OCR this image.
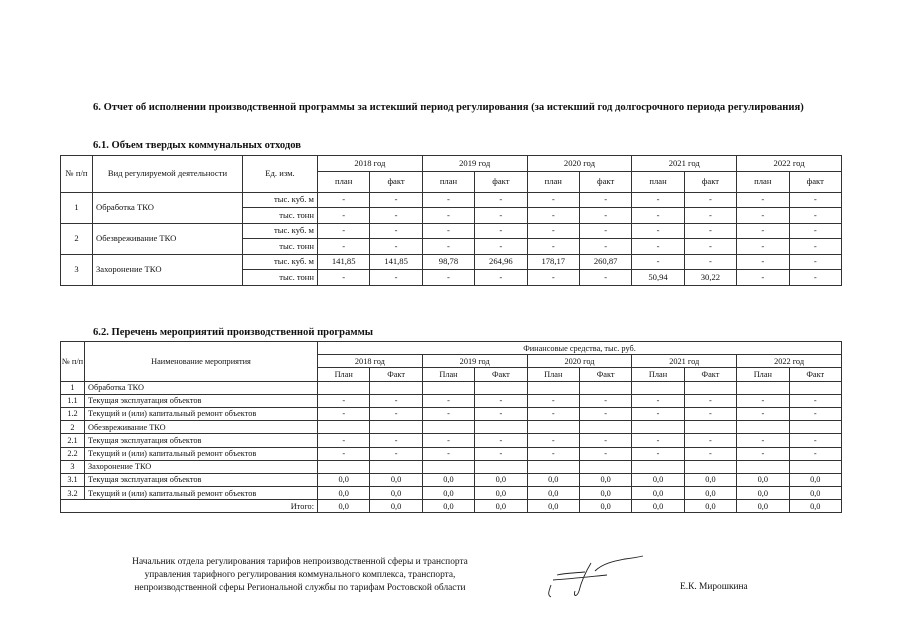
6. Отчет об исполнении производственной программы за истекший период регулирования (за истекший год долгосрочного периода регулирования)
6.1. Объем твердых коммунальных отходов
№ п/п	Вид регулируемой деятельности	Ед. изм.	2018 год		2019 год		2020 год		2021 год		2022 год	
			план	факт	план	факт	план	факт	план	факт	план	факт
1	Обработка ТКО	тыс. куб. м	-	-	-	-	-	-	-	-	-	-
		тыс. тонн	-	-	-	-	-	-	-	-	-	-
2	Обезвреживание ТКО	тыс. куб. м	-	-	-	-	-	-	-	-	-	-
		тыс. тонн	-	-	-	-	-	-	-	-	-	-
3	Захоронение ТКО	тыс. куб. м	141,85	141,85	98,78	264,96	178,17	260,87	-	-	-	-
		тыс. тонн	-	-	-	-	-	-	50,94	30,22	-	-
6.2. Перечень мероприятий производственной программы
№ п/п	Наименование мероприятия	Финансовые средства, тыс. руб.									
		2018 год		2019 год		2020 год		2021 год		2022 год	
		План	Факт	План	Факт	План	Факт	План	Факт	План	Факт
1	Обработка ТКО										
1.1	Текущая эксплуатация объектов	-	-	-	-	-	-	-	-	-	-
1.2	Текущий и (или) капитальный ремонт объектов	-	-	-	-	-	-	-	-	-	-
2	Обезвреживание ТКО										
2.1	Текущая эксплуатация объектов	-	-	-	-	-	-	-	-	-	-
2.2	Текущий и (или) капитальный ремонт объектов	-	-	-	-	-	-	-	-	-	-
3	Захоронение ТКО										
3.1	Текущая эксплуатация объектов	0,0	0,0	0,0	0,0	0,0	0,0	0,0	0,0	0,0	0,0
3.2	Текущий и (или) капитальный ремонт объектов	0,0	0,0	0,0	0,0	0,0	0,0	0,0	0,0	0,0	0,0
Итого:		0,0	0,0	0,0	0,0	0,0	0,0	0,0	0,0	0,0	0,0
Начальник отдела регулирования тарифов непроизводственной сферы и транспорта
управления тарифного регулирования коммунального комплекса, транспорта,
непроизводственной сферы Региональной службы по тарифам Ростовской области	Е.К. Мирошкина
